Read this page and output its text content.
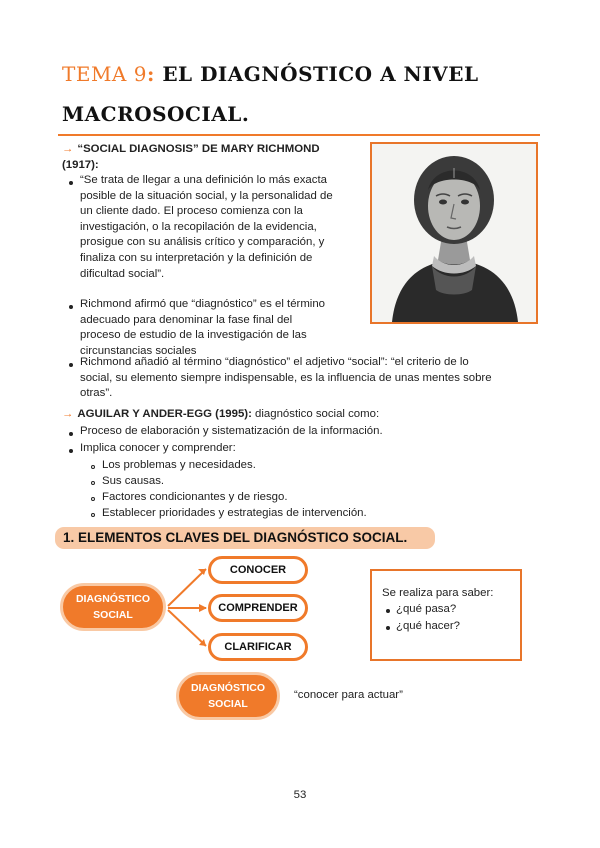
TEMA 9: EL DIAGNÓSTICO A NIVEL
MACROSOCIAL.
→ “SOCIAL DIAGNOSIS” DE MARY RICHMOND
(1917):
“Se trata de llegar a una definición lo más exacta
posible de la situación social, y la personalidad de
un cliente dado. El proceso comienza con la
investigación, o la recopilación de la evidencia,
prosigue con su análisis crítico y comparación, y
finaliza con su interpretación y la definición de
dificultad social”.
Richmond afirmó que “diagnóstico” es el término
adecuado para denominar la fase final del
proceso de estudio de la investigación de las
circunstancias sociales
Richmond añadió al término “diagnóstico” el adjetivo “social”: “el criterio de lo
social, su elemento siempre indispensable, es la influencia de unas mentes sobre
otras”.
→ AGUILAR Y ANDER-EGG (1995): diagnóstico social como:
Proceso de elaboración y sistematización de la información.
Implica conocer y comprender:
Los problemas y necesidades.
Sus causas.
Factores condicionantes y de riesgo.
Establecer prioridades y estrategias de intervención.
1. ELEMENTOS CLAVES DEL DIAGNÓSTICO SOCIAL.
DIAGNÓSTICO
SOCIAL
CONOCER
COMPRENDER
CLARIFICAR
Se realiza para saber:
¿qué pasa?
¿qué hacer?
DIAGNÓSTICO
SOCIAL
“conocer para actuar”
53
